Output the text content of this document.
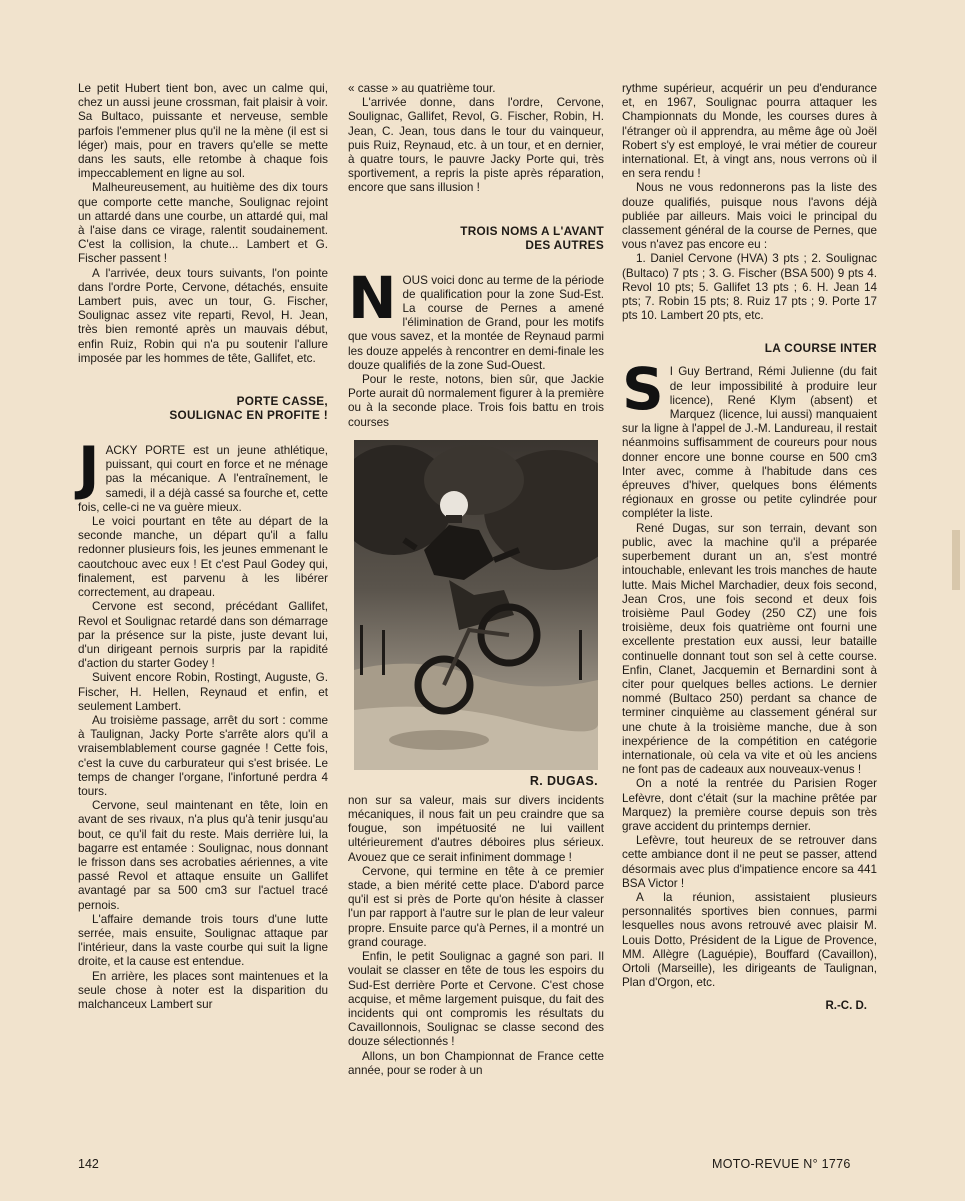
Le petit Hubert tient bon, avec un calme qui, chez un aussi jeune crossman, fait plaisir à voir. Sa Bultaco, puissante et nerveuse, semble parfois l'emmener plus qu'il ne la mène (il est si léger) mais, pour en travers qu'elle se mette dans les sauts, elle retombe à chaque fois impeccablement en ligne au sol.

Malheureusement, au huitième des dix tours que comporte cette manche, Soulignac rejoint un attardé dans une courbe, un attardé qui, mal à l'aise dans ce virage, ralentit soudainement. C'est la collision, la chute... Lambert et G. Fischer passent !

A l'arrivée, deux tours suivants, l'on pointe dans l'ordre Porte, Cervone, détachés, ensuite Lambert puis, avec un tour, G. Fischer, Soulignac assez vite reparti, Revol, H. Jean, très bien remonté après un mauvais début, enfin Ruiz, Robin qui n'a pu soutenir l'allure imposée par les hommes de tête, Gallifet, etc.

PORTE CASSE,
SOULIGNAC EN PROFITE !

JACKY PORTE est un jeune athlétique, puissant, qui court en force et ne ménage pas la mécanique. A l'entraînement, le samedi, il a déjà cassé sa fourche et, cette fois, celle-ci ne va guère mieux.

Le voici pourtant en tête au départ de la seconde manche, un départ qu'il a fallu redonner plusieurs fois, les jeunes emmenant le caoutchouc avec eux ! Et c'est Paul Godey qui, finalement, est parvenu à les libérer correctement, au drapeau.

Cervone est second, précédant Gallifet, Revol et Soulignac retardé dans son démarrage par la présence sur la piste, juste devant lui, d'un dirigeant pernois surpris par la rapidité d'action du starter Godey !

Suivent encore Robin, Rostingt, Auguste, G. Fischer, H. Hellen, Reynaud et enfin, et seulement Lambert.

Au troisième passage, arrêt du sort : comme à Taulignan, Jacky Porte s'arrête alors qu'il a vraisemblablement course gagnée ! Cette fois, c'est la cuve du carburateur qui s'est brisée. Le temps de changer l'organe, l'infortuné perdra 4 tours.

Cervone, seul maintenant en tête, loin en avant de ses rivaux, n'a plus qu'à tenir jusqu'au bout, ce qu'il fait du reste. Mais derrière lui, la bagarre est entamée : Soulignac, nous donnant le frisson dans ses acrobaties aériennes, a vite passé Revol et attaque ensuite un Gallifet avantagé par sa 500 cm3 sur l'actuel tracé pernois.

L'affaire demande trois tours d'une lutte serrée, mais ensuite, Soulignac attaque par l'intérieur, dans la vaste courbe qui suit la ligne droite, et la cause est entendue.

En arrière, les places sont maintenues et la seule chose à noter est la disparition du malchanceux Lambert sur

« casse » au quatrième tour.

L'arrivée donne, dans l'ordre, Cervone, Soulignac, Gallifet, Revol, G. Fischer, Robin, H. Jean, C. Jean, tous dans le tour du vainqueur, puis Ruiz, Reynaud, etc. à un tour, et en dernier, à quatre tours, le pauvre Jacky Porte qui, très sportivement, a repris la piste après réparation, encore que sans illusion !

TROIS NOMS A L'AVANT
DES AUTRES

NOUS voici donc au terme de la période de qualification pour la zone Sud-Est. La course de Pernes a amené l'élimination de Grand, pour les motifs que vous savez, et la montée de Reynaud parmi les douze appelés à rencontrer en demi-finale les douze qualifiés de la zone Sud-Ouest.

Pour le reste, notons, bien sûr, que Jackie Porte aurait dû normalement figurer à la première ou à la seconde place. Trois fois battu en trois courses

R. DUGAS.

non sur sa valeur, mais sur divers incidents mécaniques, il nous fait un peu craindre que sa fougue, son impétuosité ne lui vaillent ultérieurement d'autres déboires plus sérieux. Avouez que ce serait infiniment dommage !

Cervone, qui termine en tête à ce premier stade, a bien mérité cette place. D'abord parce qu'il est si près de Porte qu'on hésite à classer l'un par rapport à l'autre sur le plan de leur valeur propre. Ensuite parce qu'à Pernes, il a montré un grand courage.

Enfin, le petit Soulignac a gagné son pari. Il voulait se classer en tête de tous les espoirs du Sud-Est derrière Porte et Cervone. C'est chose acquise, et même largement puisque, du fait des incidents qui ont compromis les résultats du Cavaillonnois, Soulignac se classe second des douze sélectionnés !

Allons, un bon Championnat de France cette année, pour se roder à un

rythme supérieur, acquérir un peu d'endurance et, en 1967, Soulignac pourra attaquer les Championnats du Monde, les courses dures à l'étranger où il apprendra, au même âge où Joël Robert s'y est employé, le vrai métier de coureur international. Et, à vingt ans, nous verrons où il en sera rendu !

Nous ne vous redonnerons pas la liste des douze qualifiés, puisque nous l'avons déjà publiée par ailleurs. Mais voici le principal du classement général de la course de Pernes, que vous n'avez pas encore eu :

1. Daniel Cervone (HVA) 3 pts ; 2. Soulignac (Bultaco) 7 pts ; 3. G. Fischer (BSA 500) 9 pts 4. Revol 10 pts; 5. Gallifet 13 pts ; 6. H. Jean 14 pts; 7. Robin 15 pts; 8. Ruiz 17 pts ; 9. Porte 17 pts 10. Lambert 20 pts, etc.

LA COURSE INTER

S I Guy Bertrand, Rémi Julienne (du fait de leur impossibilité à produire leur licence), René Klym (absent) et Marquez (licence, lui aussi) manquaient sur la ligne à l'appel de J.-M. Landureau, il restait néanmoins suffisamment de coureurs pour nous donner encore une bonne course en 500 cm3 Inter avec, comme à l'habitude dans ces épreuves d'hiver, quelques bons éléments régionaux en grosse ou petite cylindrée pour compléter la liste.

René Dugas, sur son terrain, devant son public, avec la machine qu'il a préparée superbement durant un an, s'est montré intouchable, enlevant les trois manches de haute lutte. Mais Michel Marchadier, deux fois second, Jean Cros, une fois second et deux fois troisième Paul Godey (250 CZ) une fois troisième, deux fois quatrième ont fourni une excellente prestation eux aussi, leur bataille continuelle donnant tout son sel à cette course. Enfin, Clanet, Jacquemin et Bernardini sont à citer pour quelques belles actions. Le dernier nommé (Bultaco 250) perdant sa chance de terminer cinquième au classement général sur une chute à la troisième manche, due à son inexpérience de la compétition en catégorie internationale, où cela va vite et où les anciens ne font pas de cadeaux aux nouveaux-venus !

On a noté la rentrée du Parisien Roger Lefèvre, dont c'était (sur la machine prêtée par Marquez) la première course depuis son très grave accident du printemps dernier.

Lefèvre, tout heureux de se retrouver dans cette ambiance dont il ne peut se passer, attend désormais avec plus d'impatience encore sa 441 BSA Victor !

A la réunion, assistaient plusieurs personnalités sportives bien connues, parmi lesquelles nous avons retrouvé avec plaisir M. Louis Dotto, Président de la Ligue de Provence, MM. Allègre (Laguépie), Bouffard (Cavaillon), Ortoli (Marseille), les dirigeants de Taulignan, Plan d'Orgon, etc.

R.-C. D.
142	MOTO-REVUE N° 1776
